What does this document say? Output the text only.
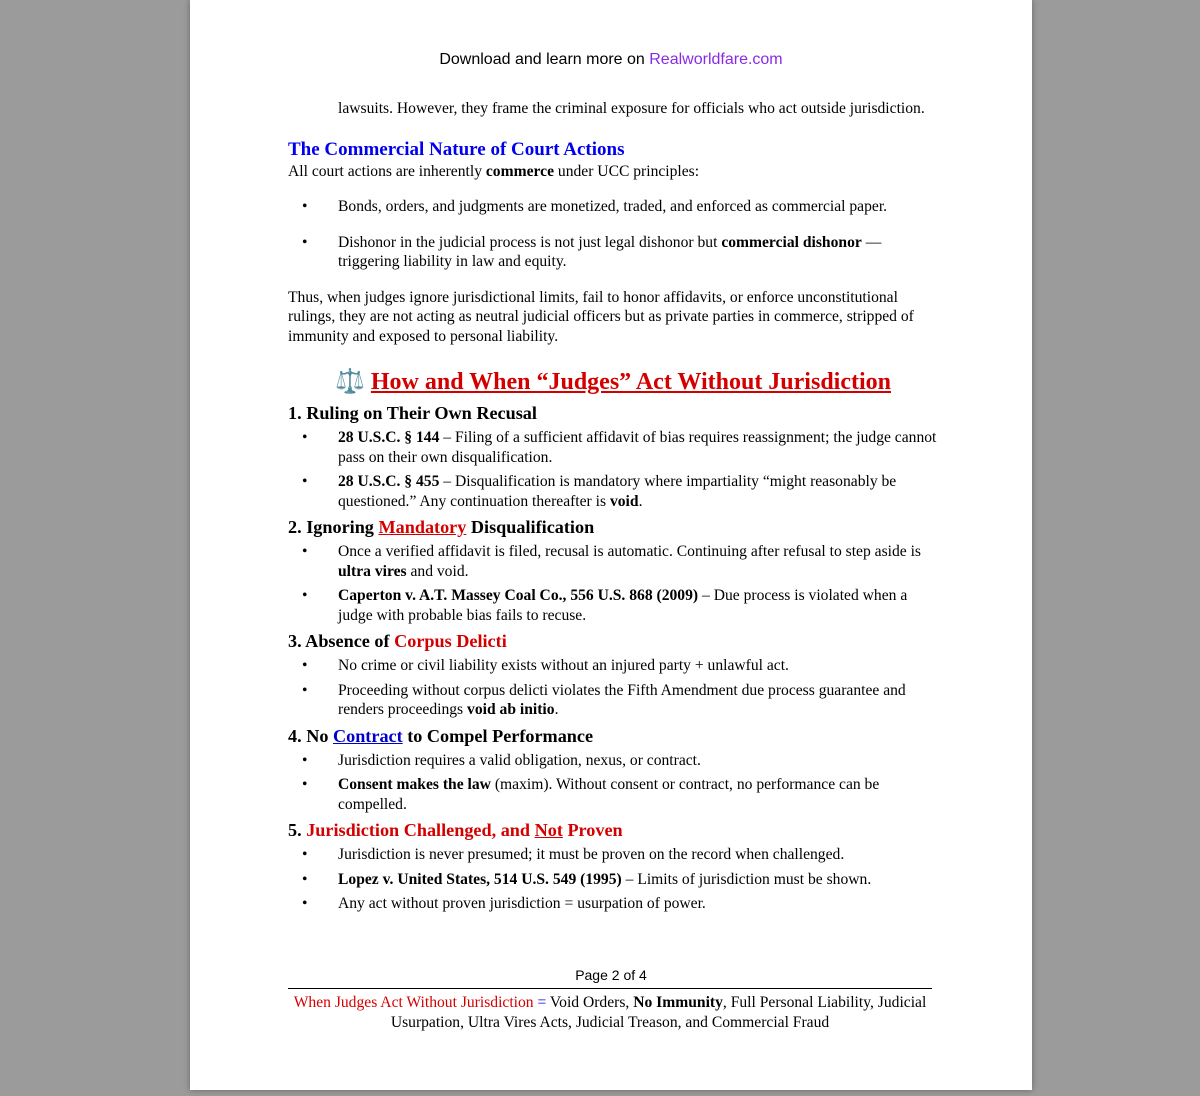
Download and learn more on Realworldfare.com

lawsuits. However, they frame the criminal exposure for officials who act outside jurisdiction.

The Commercial Nature of Court Actions

All court actions are inherently commerce under UCC principles:

• Bonds, orders, and judgments are monetized, traded, and enforced as commercial paper.

• Dishonor in the judicial process is not just legal dishonor but commercial dishonor — triggering liability in law and equity.

Thus, when judges ignore jurisdictional limits, fail to honor affidavits, or enforce unconstitutional rulings, they are not acting as neutral judicial officers but as private parties in commerce, stripped of immunity and exposed to personal liability.

⚖️ How and When “Judges” Act Without Jurisdiction

1. Ruling on Their Own Recusal

• 28 U.S.C. § 144 – Filing of a sufficient affidavit of bias requires reassignment; the judge cannot pass on their own disqualification.

• 28 U.S.C. § 455 – Disqualification is mandatory where impartiality “might reasonably be questioned.” Any continuation thereafter is void.

2. Ignoring Mandatory Disqualification

• Once a verified affidavit is filed, recusal is automatic. Continuing after refusal to step aside is ultra vires and void.

• Caperton v. A.T. Massey Coal Co., 556 U.S. 868 (2009) – Due process is violated when a judge with probable bias fails to recuse.

3. Absence of Corpus Delicti

• No crime or civil liability exists without an injured party + unlawful act.

• Proceeding without corpus delicti violates the Fifth Amendment due process guarantee and renders proceedings void ab initio.

4. No Contract to Compel Performance

• Jurisdiction requires a valid obligation, nexus, or contract.

• Consent makes the law (maxim). Without consent or contract, no performance can be compelled.

5. Jurisdiction Challenged, and Not Proven

• Jurisdiction is never presumed; it must be proven on the record when challenged.

• Lopez v. United States, 514 U.S. 549 (1995) – Limits of jurisdiction must be shown.

• Any act without proven jurisdiction = usurpation of power.

Page 2 of 4
When Judges Act Without Jurisdiction = Void Orders, No Immunity, Full Personal Liability, Judicial Usurpation, Ultra Vires Acts, Judicial Treason, and Commercial Fraud
